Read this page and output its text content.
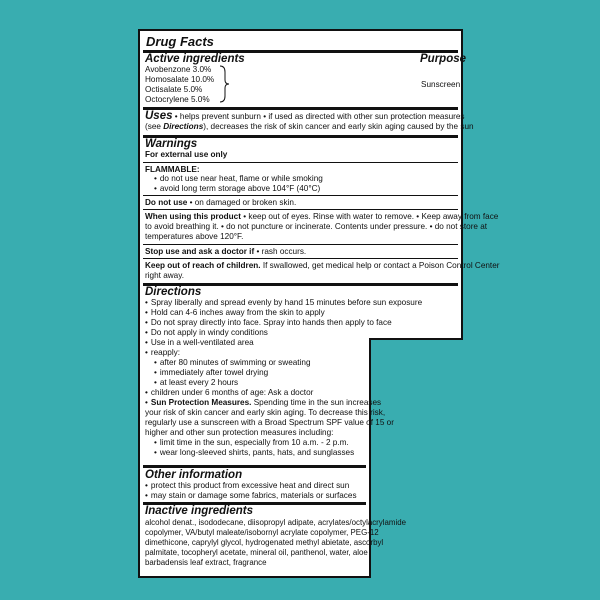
Drug Facts
Active ingredients	Purpose
Avobenzone 3.0%
Homosalate 10.0%
Octisalate 5.0%
Octocrylene 5.0%
Sunscreen
Uses • helps prevent sunburn • if used as directed with other sun protection measures
(see Directions), decreases the risk of skin cancer and early skin aging caused by the sun
Warnings
For external use only
FLAMMABLE:
• do not use near heat, flame or while smoking
• avoid long term storage above 104°F (40°C)
Do not use • on damaged or broken skin.
When using this product • keep out of eyes. Rinse with water to remove. • Keep away from face
to avoid breathing it. • do not puncture or incinerate. Contents under pressure. • do not store at
temperatures above 120°F.
Stop use and ask a doctor if • rash occurs.
Keep out of reach of children. If swallowed, get medical help or contact a Poison Control Center
right away.
Directions
• Spray liberally and spread evenly by hand 15 minutes before sun exposure
• Hold can 4-6 inches away from the skin to apply
• Do not spray directly into face. Spray into hands then apply to face
• Do not apply in windy conditions
• Use in a well-ventilated area
• reapply:
• after 80 minutes of swimming or sweating
• immediately after towel drying
• at least every 2 hours
• children under 6 months of age: Ask a doctor
• Sun Protection Measures. Spending time in the sun increases
your risk of skin cancer and early skin aging. To decrease this risk,
regularly use a sunscreen with a Broad Spectrum SPF value of 15 or
higher and other sun protection measures including:
• limit time in the sun, especially from 10 a.m. - 2 p.m.
• wear long-sleeved shirts, pants, hats, and sunglasses
Other information
• protect this product from excessive heat and direct sun
• may stain or damage some fabrics, materials or surfaces
Inactive ingredients
alcohol denat., isododecane, diisopropyl adipate, acrylates/octylacrylamide
copolymer, VA/butyl maleate/isobornyl acrylate copolymer, PEG-12
dimethicone, caprylyl glycol, hydrogenated methyl abietate, ascorbyl
palmitate, tocopheryl acetate, mineral oil, panthenol, water, aloe
barbadensis leaf extract, fragrance
